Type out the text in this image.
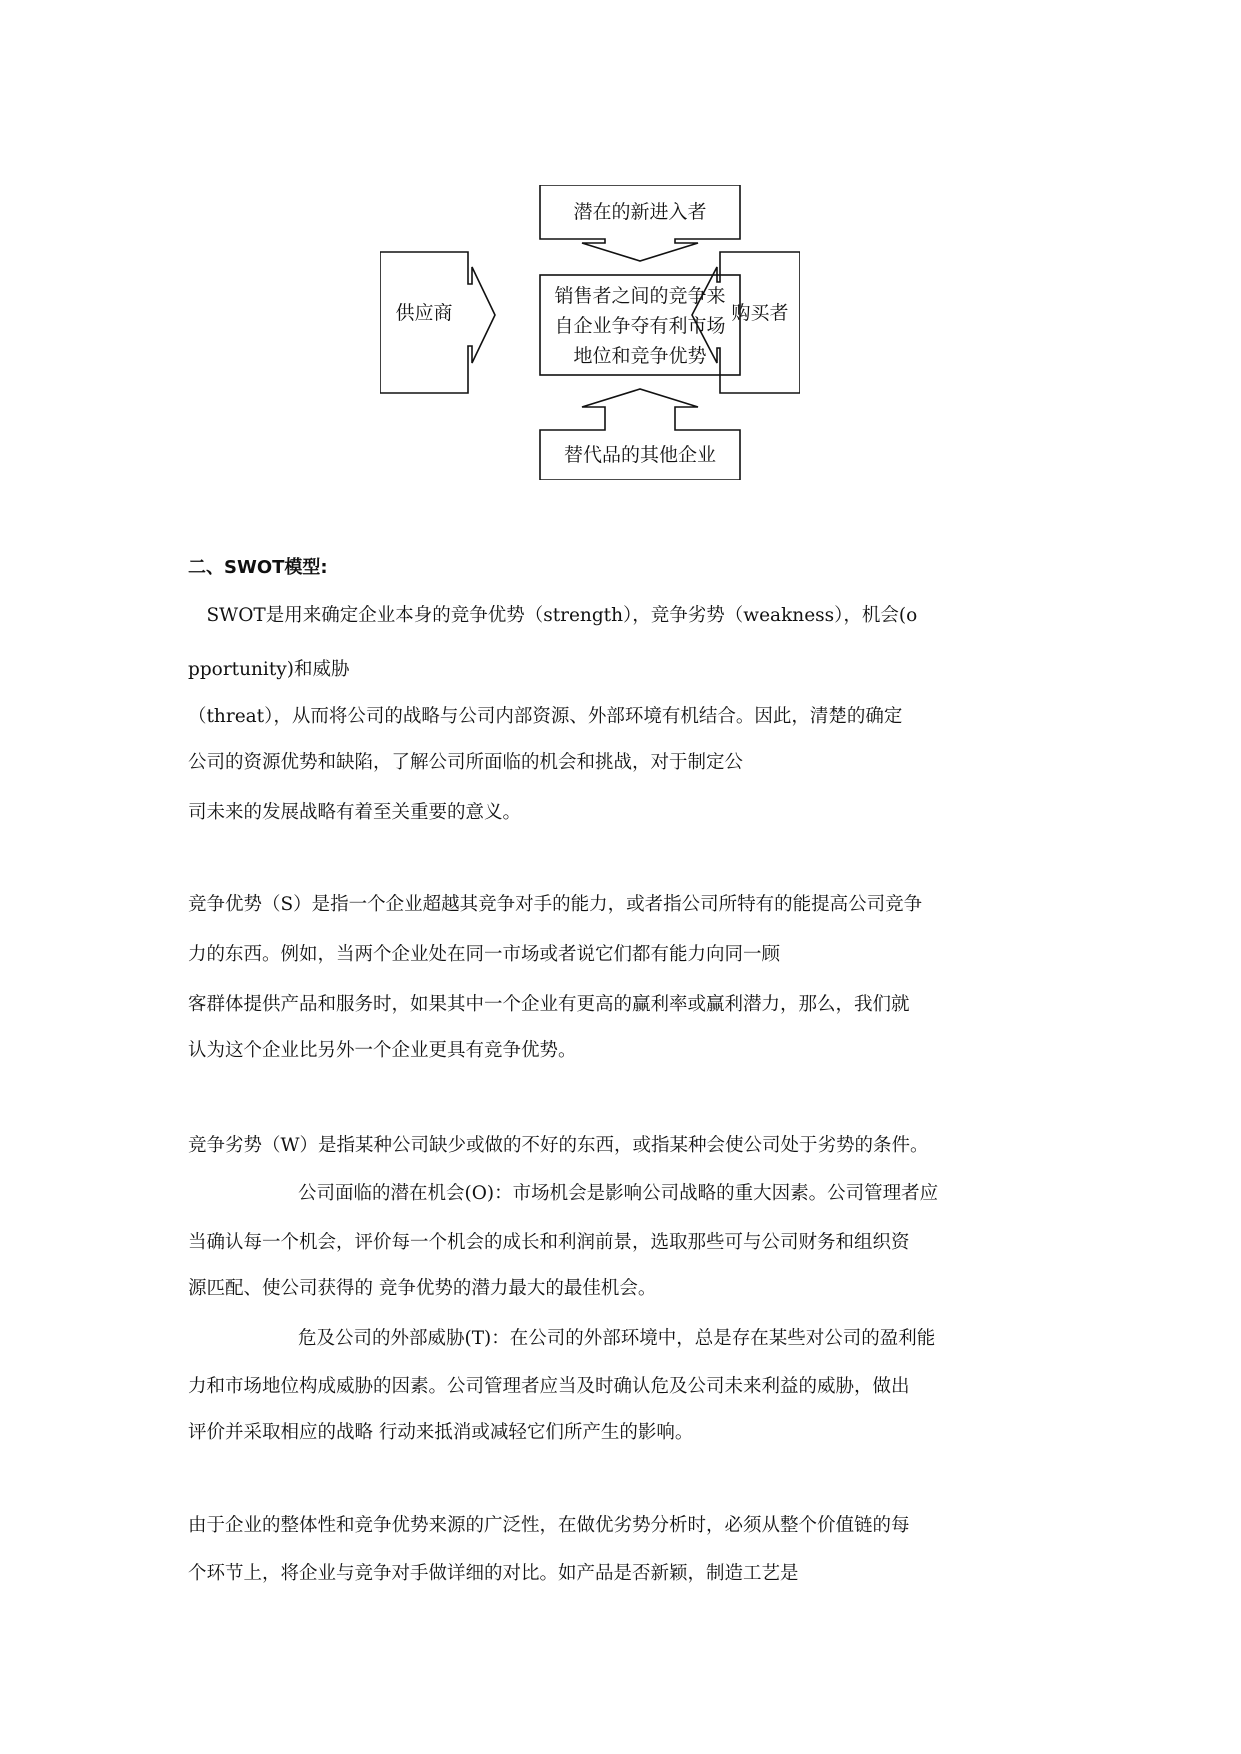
潜在的新进入者
销售者之间的竞争来
自企业争夺有利市场
地位和竞争优势
供应商	购买者
替代品的其他企业
二、SWOT模型:
　SWOT是用来确定企业本身的竞争优势（strength），竞争劣势（weakness），机会(o
pportunity)和威胁
（threat），从而将公司的战略与公司内部资源、外部环境有机结合。因此，清楚的确定
公司的资源优势和缺陷，了解公司所面临的机会和挑战，对于制定公
司未来的发展战略有着至关重要的意义。
竞争优势（S）是指一个企业超越其竞争对手的能力，或者指公司所特有的能提高公司竞争
力的东西。例如，当两个企业处在同一市场或者说它们都有能力向同一顾
客群体提供产品和服务时，如果其中一个企业有更高的赢利率或赢利潜力，那么，我们就
认为这个企业比另外一个企业更具有竞争优势。
竞争劣势（W）是指某种公司缺少或做的不好的东西，或指某种会使公司处于劣势的条件。
公司面临的潜在机会(O)：市场机会是影响公司战略的重大因素。公司管理者应
当确认每一个机会，评价每一个机会的成长和利润前景，选取那些可与公司财务和组织资
源匹配、使公司获得的 竞争优势的潜力最大的最佳机会。
危及公司的外部威胁(T)：在公司的外部环境中，总是存在某些对公司的盈利能
力和市场地位构成威胁的因素。公司管理者应当及时确认危及公司未来利益的威胁，做出
评价并采取相应的战略 行动来抵消或减轻它们所产生的影响。
由于企业的整体性和竞争优势来源的广泛性，在做优劣势分析时，必须从整个价值链的每
个环节上，将企业与竞争对手做详细的对比。如产品是否新颖，制造工艺是
